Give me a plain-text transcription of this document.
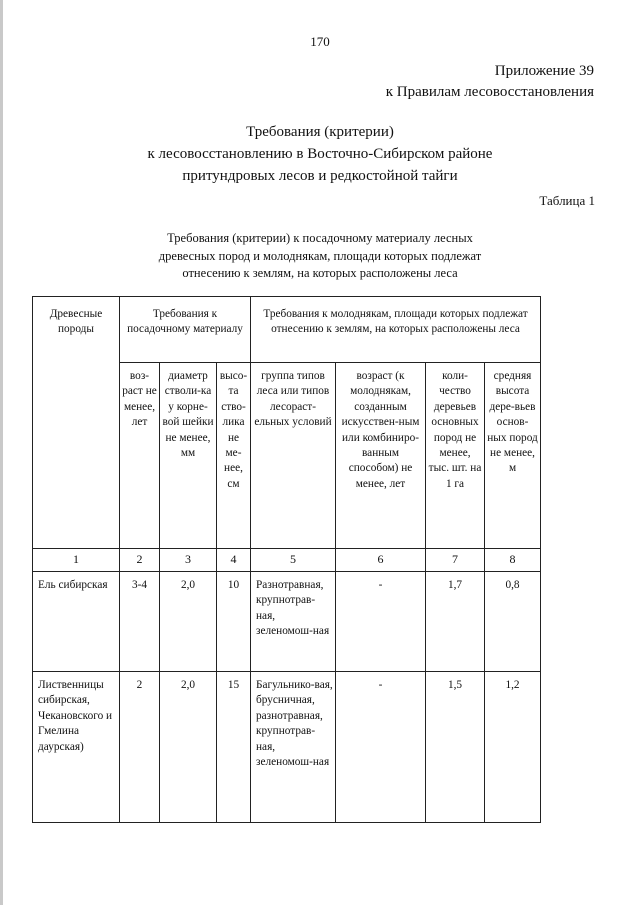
170
Приложение 39
к Правилам лесовосстановления
Требования (критерии)
к лесовосстановлению в Восточно-Сибирском районе
притундровых лесов и редкостойной тайги
Таблица 1
Требования (критерии) к посадочному материалу лесных
древесных пород и молоднякам, площади которых подлежат
отнесению к землям, на которых расположены леса
Древесные породы	Требования к посадочному материалу			Требования к молоднякам, площади которых подлежат отнесению к землям, на которых расположены леса			
	воз-раст не менее, лет	диаметр стволи-ка у корне-вой шейки не менее, мм	высо-та ство-лика не ме-нее, см	группа типов леса или типов лесораст-ельных условий	возраст (к молоднякам, созданным искусствен-ным или комбиниро-ванным способом) не менее, лет	коли-чество деревьев основных пород не менее, тыс. шт. на 1 га	средняя высота дере-вьев основ-ных пород не менее, м
1	2	3	4	5	6	7	8
Ель сибирская	3-4	2,0	10	Разнотравная, крупнотрав-ная, зеленомош-ная	-	1,7	0,8
Лиственницы сибирская, Чекановского и Гмелина даурская)	2	2,0	15	Багульнико-вая, брусничная, разнотравная, крупнотрав-ная, зеленомош-ная	-	1,5	1,2
